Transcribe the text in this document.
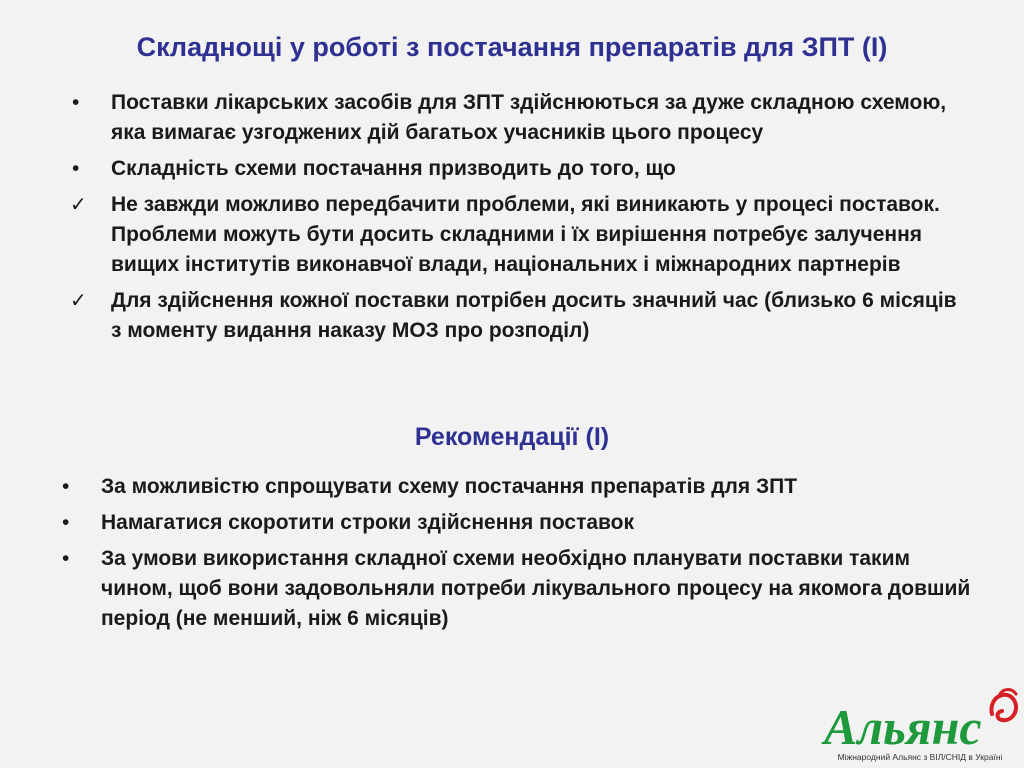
Складнощі у роботі з постачання препаратів для ЗПТ (І)
•	Поставки лікарських засобів для ЗПТ здійснюються за дуже складною схемою, яка вимагає узгоджених дій багатьох учасників цього процесу
•	Складність схеми постачання призводить до того, що
✓	Не завжди можливо передбачити проблеми, які виникають у процесі поставок. Проблеми можуть бути досить складними і їх вирішення потребує залучення вищих інститутів виконавчої влади, національних і міжнародних партнерів
✓	Для здійснення кожної поставки потрібен досить значний час (близько 6 місяців з моменту видання наказу МОЗ про розподіл)
Рекомендації (І)
•	За можливістю спрощувати схему постачання препаратів для ЗПТ
•	Намагатися скоротити строки здійснення поставок
•	За умови використання складної схеми необхідно планувати поставки таким чином, щоб вони задовольняли потреби лікувального процесу на якомога довший період (не менший, ніж 6 місяців)
Альянс
Міжнародний Альянс з ВІЛ/СНІД в Україні
